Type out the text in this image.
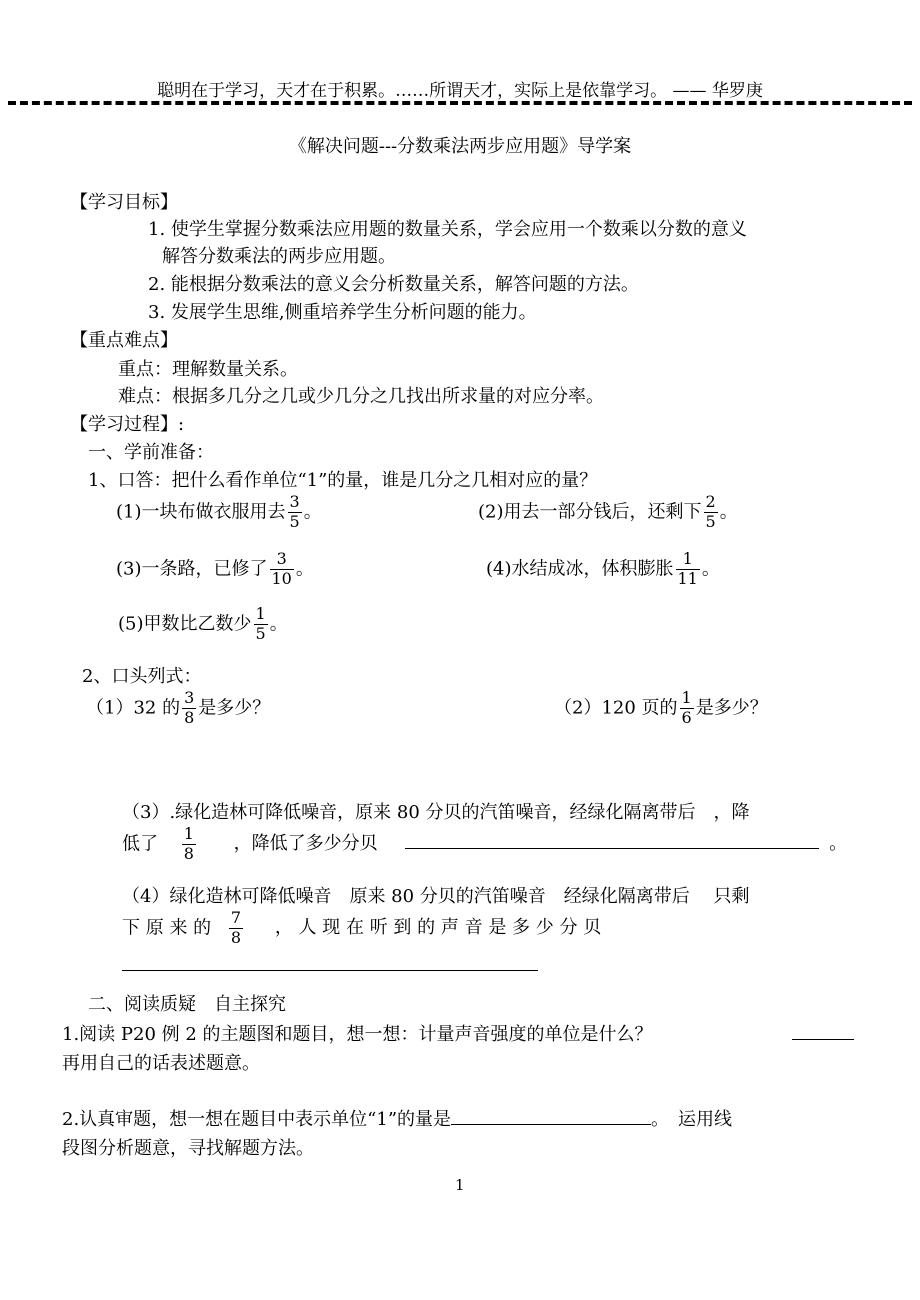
聪明在于学习，天才在于积累。……所谓天才，实际上是依靠学习。 —— 华罗庚
《解决问题---分数乘法两步应用题》导学案
【学习目标】
1. 使学生掌握分数乘法应用题的数量关系，学会应用一个数乘以分数的意义
解答分数乘法的两步应用题。
2. 能根据分数乘法的意义会分析数量关系，解答问题的方法。
3. 发展学生思维,侧重培养学生分析问题的能力。
【重点难点】
重点：理解数量关系。
难点：根据多几分之几或少几分之几找出所求量的对应分率。
【学习过程】:
一、学前准备：
1、口答：把什么看作单位“1”的量，谁是几分之几相对应的量？
(1)一块布做衣服用去 $\frac{3}{5}$ 。	(2)用去一部分钱后，还剩下 $\frac{2}{5}$ 。
(3)一条路，已修了 $\frac{3}{10}$ 。	(4)水结成冰，体积膨胀 $\frac{1}{11}$ 。
(5)甲数比乙数少 $\frac{1}{5}$ 。
2、口头列式：
（1）32 的 $\frac{3}{8}$ 是多少？	（2）120 页的 $\frac{1}{6}$ 是多少？
（3）.绿化造林可降低噪音，原来 80 分贝的汽笛噪音，经绿化隔离带后　，降
低了 $\frac{1}{8}$ ，降低了多少分贝	。
（4）绿化造林可降低噪音　原来 80 分贝的汽笛噪音　经绿化隔离带后　 只剩
下 原 来 的 $\frac{7}{8}$ ， 人 现 在 听 到 的 声 音 是 多 少 分 贝
二、阅读质疑　自主探究
1.阅读 P20 例 2 的主题图和题目，想一想：计量声音强度的单位是什么？
再用自己的话表述题意。
2.认真审题，想一想在题目中表示单位“1”的量是	。　运用线
段图分析题意，寻找解题方法。
1
